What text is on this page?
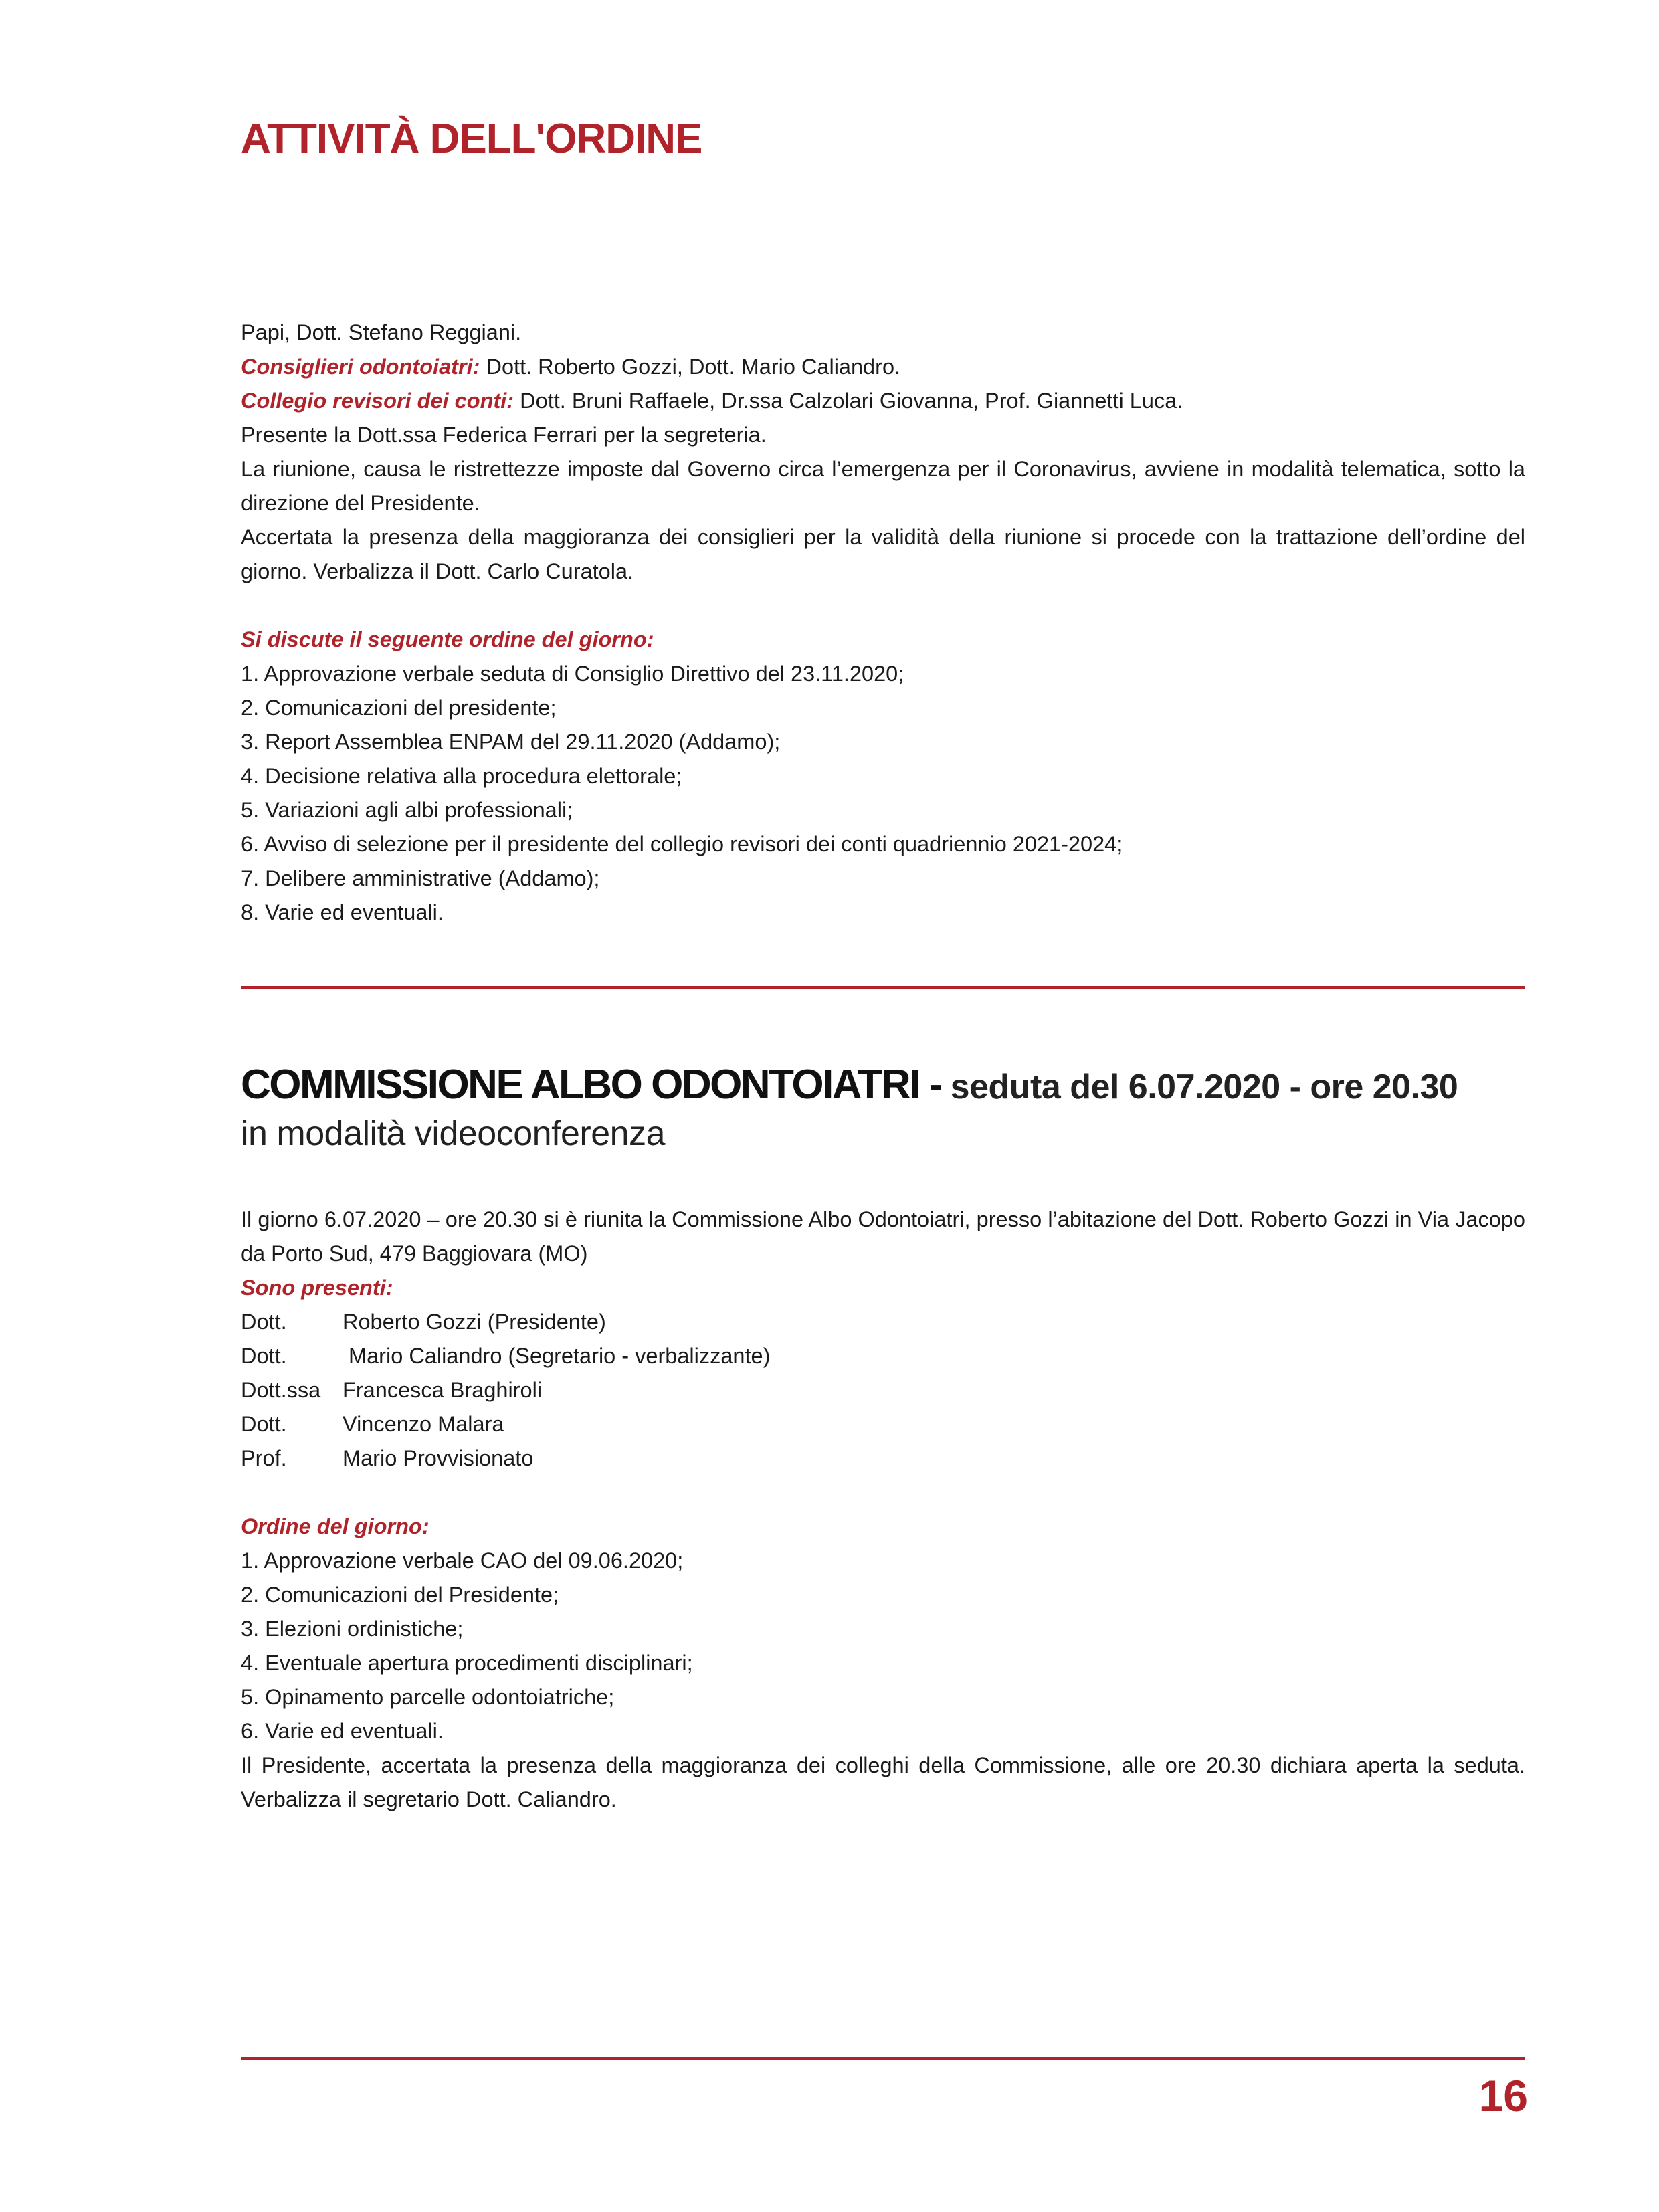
ATTIVITÀ DELL'ORDINE

Papi, Dott. Stefano Reggiani.

Consiglieri odontoiatri: Dott. Roberto Gozzi, Dott. Mario Caliandro.

Collegio revisori dei conti: Dott. Bruni Raffaele, Dr.ssa Calzolari Giovanna, Prof. Giannetti Luca.

Presente la Dott.ssa Federica Ferrari per la segreteria.

La riunione, causa le ristrettezze imposte dal Governo circa l’emergenza per il Coronavirus, avviene in modalità telematica, sotto la direzione del Presidente.

Accertata la presenza della maggioranza dei consiglieri per la validità della riunione si procede con la trattazione dell’ordine del giorno. Verbalizza il Dott. Carlo Curatola.

Si discute il seguente ordine del giorno:

1. Approvazione verbale seduta di Consiglio Direttivo del 23.11.2020;

2. Comunicazioni del presidente;

3. Report Assemblea ENPAM del 29.11.2020 (Addamo);

4. Decisione relativa alla procedura elettorale;

5. Variazioni agli albi professionali;

6. Avviso di selezione per il presidente del collegio revisori dei conti quadriennio 2021-2024;

7. Delibere amministrative (Addamo);

8. Varie ed eventuali.

COMMISSIONE ALBO ODONTOIATRI - seduta del 6.07.2020 - ore 20.30
in modalità videoconferenza

Il giorno 6.07.2020 – ore 20.30 si è riunita la Commissione Albo Odontoiatri, presso l’abitazione del Dott. Roberto Gozzi in Via Jacopo da Porto Sud, 479 Baggiovara (MO)

Sono presenti:

Dott.	Roberto Gozzi (Presidente)
Dott.	Mario Caliandro (Segretario - verbalizzante)
Dott.ssa	Francesca Braghiroli
Dott.	Vincenzo Malara
Prof.	Mario Provvisionato

Ordine del giorno:

1. Approvazione verbale CAO del 09.06.2020;

2. Comunicazioni del Presidente;

3. Elezioni ordinistiche;

4. Eventuale apertura procedimenti disciplinari;

5. Opinamento parcelle odontoiatriche;

6. Varie ed eventuali.

Il Presidente, accertata la presenza della maggioranza dei colleghi della Commissione, alle ore 20.30 dichiara aperta la seduta. Verbalizza il segretario Dott. Caliandro.

16
